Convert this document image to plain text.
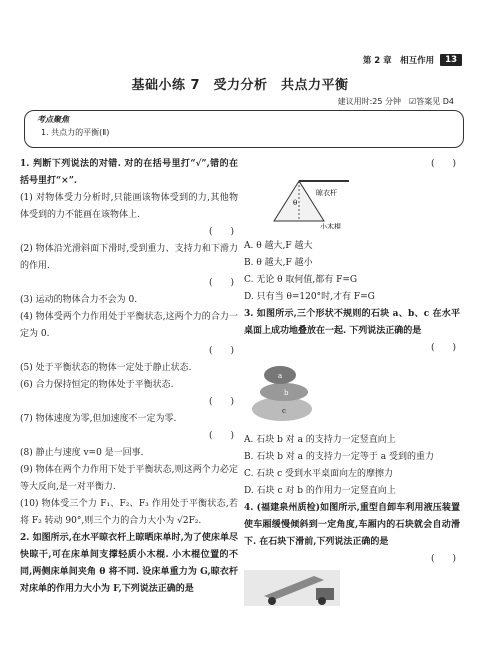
第 2 章　相互作用	13
基础小练 7　受力分析　共点力平衡
建议用时:25 分钟　☑答案见 D4
考点聚焦
1. 共点力的平衡(Ⅱ)

1. 判断下列说法的对错. 对的在括号里打“√”,错的在括号里打“×”.

(1) 对物体受力分析时,只能画该物体受到的力,其他物体受到的力不能画在该物体上.

(　　)

(2) 物体沿光滑斜面下滑时,受到重力、支持力和下滑力的作用.

(　　)

(3) 运动的物体合力不会为 0.

(4) 物体受两个力作用处于平衡状态,这两个力的合力一定为 0.

(　　)

(5) 处于平衡状态的物体一定处于静止状态.

(6) 合力保持恒定的物体处于平衡状态.

(　　)

(7) 物体速度为零,但加速度不一定为零.

(　　)

(8) 静止与速度 v=0 是一回事.

(9) 物体在两个力作用下处于平衡状态,则这两个力必定等大反向,是一对平衡力.

(10) 物体受三个力 F₁、F₂、F₃ 作用处于平衡状态,若将 F₂ 转动 90°,则三个力的合力大小为 √2F₂.

2. 如图所示,在水平晾衣杆上晾晒床单时,为了使床单尽快晾干,可在床单间支撑轻质小木棍. 小木棍位置的不同,两侧床单间夹角 θ 将不同. 设床单重力为 G,晾衣杆对床单的作用力大小为 F,下列说法正确的是

(　　)

晾衣杆
小木棍
θ

A. θ 越大,F 越大

B. θ 越大,F 越小

C. 无论 θ 取何值,都有 F=G

D. 只有当 θ=120°时,才有 F=G

3. 如图所示,三个形状不规则的石块 a、b、c 在水平桌面上成功地叠放在一起. 下列说法正确的是

(　　)

a
b
c

A. 石块 b 对 a 的支持力一定竖直向上

B. 石块 b 对 a 的支持力一定等于 a 受到的重力

C. 石块 c 受到水平桌面向左的摩擦力

D. 石块 c 对 b 的作用力一定竖直向上

4. (福建泉州质检)如图所示,重型自卸车利用液压装置使车厢缓慢倾斜到一定角度,车厢内的石块就会自动滑下. 在石块下滑前,下列说法正确的是

(　　)
